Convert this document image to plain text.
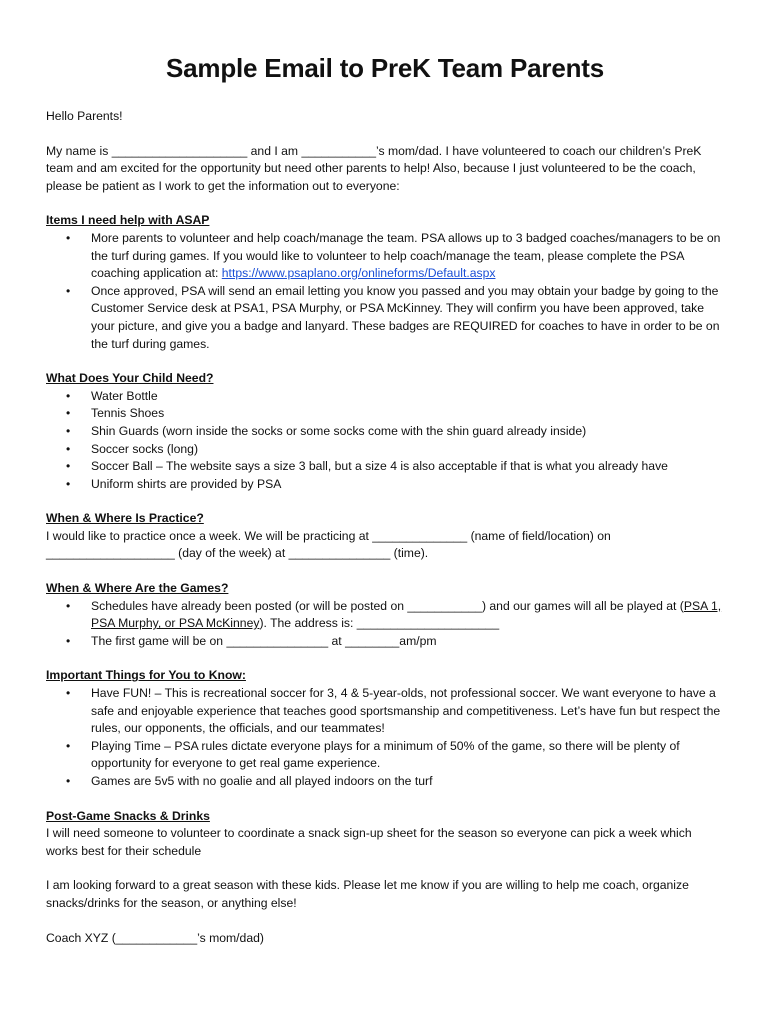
Sample Email to PreK Team Parents

Hello Parents!

My name is ____________________ and I am ___________’s mom/dad. I have volunteered to coach our children’s PreK team and am excited for the opportunity but need other parents to help! Also, because I just volunteered to be the coach, please be patient as I work to get the information out to everyone:

Items I need help with ASAP

• More parents to volunteer and help coach/manage the team. PSA allows up to 3 badged coaches/managers to be on the turf during games. If you would like to volunteer to help coach/manage the team, please complete the PSA coaching application at: https://www.psaplano.org/onlineforms/Default.aspx
• Once approved, PSA will send an email letting you know you passed and you may obtain your badge by going to the Customer Service desk at PSA1, PSA Murphy, or PSA McKinney. They will confirm you have been approved, take your picture, and give you a badge and lanyard. These badges are REQUIRED for coaches to have in order to be on the turf during games.

What Does Your Child Need?

• Water Bottle
• Tennis Shoes
• Shin Guards (worn inside the socks or some socks come with the shin guard already inside)
• Soccer socks (long)
• Soccer Ball – The website says a size 3 ball, but a size 4 is also acceptable if that is what you already have
• Uniform shirts are provided by PSA

When & Where Is Practice?

I would like to practice once a week. We will be practicing at ______________ (name of field/location) on ___________________ (day of the week) at _______________ (time).

When & Where Are the Games?

• Schedules have already been posted (or will be posted on ___________) and our games will all be played at (PSA 1, PSA Murphy, or PSA McKinney). The address is: _____________________
• The first game will be on _______________ at ________am/pm

Important Things for You to Know:

• Have FUN! – This is recreational soccer for 3, 4 & 5-year-olds, not professional soccer. We want everyone to have a safe and enjoyable experience that teaches good sportsmanship and competitiveness. Let’s have fun but respect the rules, our opponents, the officials, and our teammates!
• Playing Time – PSA rules dictate everyone plays for a minimum of 50% of the game, so there will be plenty of opportunity for everyone to get real game experience.
• Games are 5v5 with no goalie and all played indoors on the turf

Post-Game Snacks & Drinks

I will need someone to volunteer to coordinate a snack sign-up sheet for the season so everyone can pick a week which works best for their schedule

I am looking forward to a great season with these kids. Please let me know if you are willing to help me coach, organize snacks/drinks for the season, or anything else!

Coach XYZ (____________’s mom/dad)
